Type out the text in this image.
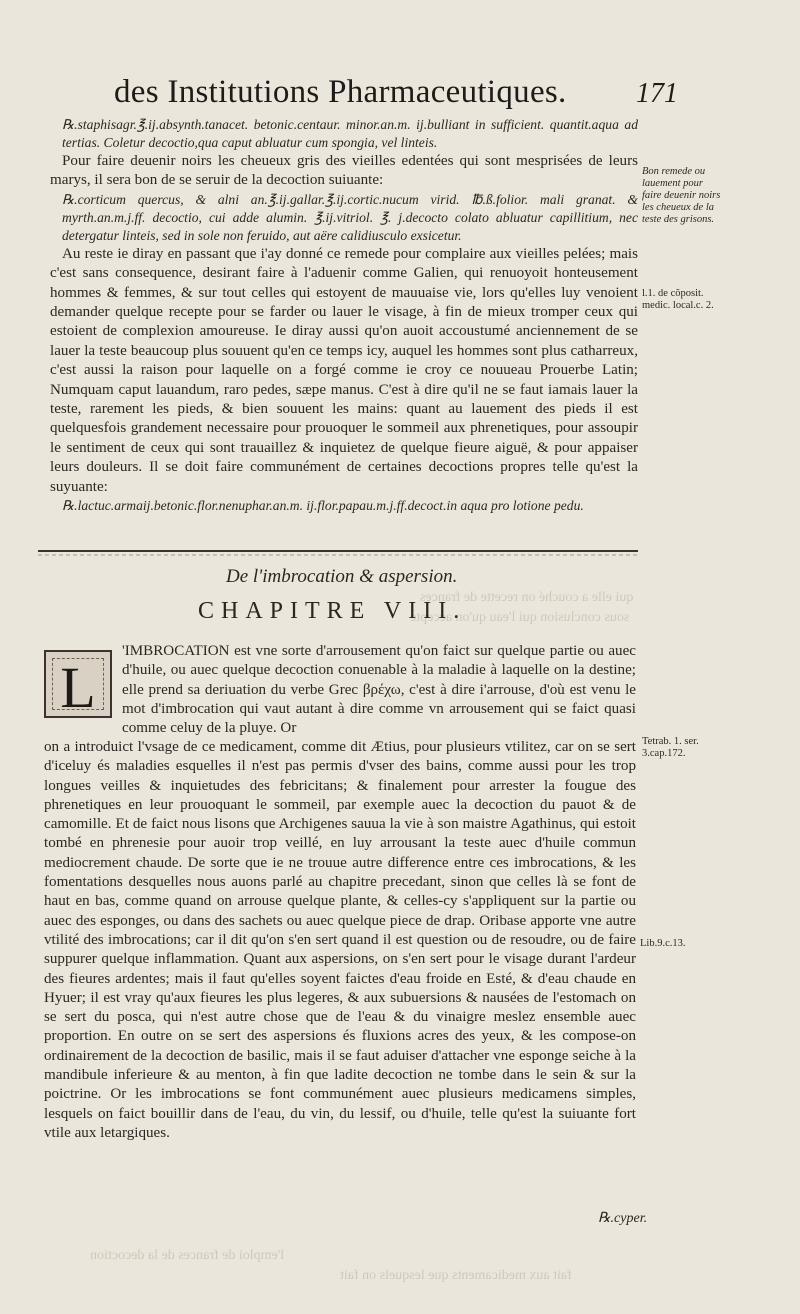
des Institutions Pharmaceutiques. 171
qui elle a couché on recette de frances
sous conclusion qui l'eau qu'on accepte
l'emploi de frances de la decoction
fait aux medicaments que lesquels on fait

℞.staphisagr.℥.ij.absynth.tanacet. betonic.centaur. minor.an.m. ij.bulliant in sufficient. quantit.aqua ad tertias. Coletur decoctio,qua caput abluatur cum spongia, vel linteis.

Pour faire deuenir noirs les cheueux gris des vieilles edentées qui sont mesprisées de leurs marys, il sera bon de se seruir de la decoction suiuante:

℞.corticum quercus, & alni an.℥.ij.gallar.℥.ij.cortic.nucum virid. ℔.ß.folior. mali granat. & myrth.an.m.j.ff. decoctio, cui adde alumin. ℥.ij.vitriol. ℥. j.decocto colato abluatur capillitium, nec detergatur linteis, sed in sole non feruido, aut aëre calidiusculo exsicetur.

Au reste ie diray en passant que i'ay donné ce remede pour complaire aux vieilles pelées; mais c'est sans consequence, desirant faire à l'aduenir comme Galien, qui renuoyoit honteusement hommes & femmes, & sur tout celles qui estoyent de mauuaise vie, lors qu'elles luy venoient demander quelque recepte pour se farder ou lauer le visage, à fin de mieux tromper ceux qui estoient de complexion amoureuse. Ie diray aussi qu'on auoit accoustumé anciennement de se lauer la teste beaucoup plus souuent qu'en ce temps icy, auquel les hommes sont plus catharreux, c'est aussi la raison pour laquelle on a forgé comme ie croy ce nouueau Prouerbe Latin; Numquam caput lauandum, raro pedes, sæpe manus. C'est à dire qu'il ne se faut iamais lauer la teste, rarement les pieds, & bien souuent les mains: quant au lauement des pieds il est quelquesfois grandement necessaire pour prouoquer le sommeil aux phrenetiques, pour assoupir le sentiment de ceux qui sont trauaillez & inquietez de quelque fieure aiguë, & pour appaiser leurs douleurs. Il se doit faire communément de certaines decoctions propres telle qu'est la suyuante:

℞.lactuc.armaij.betonic.flor.nenuphar.an.m. ij.flor.papau.m.j.ff.decoct.in aqua pro lotione pedu.

De l'imbrocation & aspersion.
CHAPITRE VIII.
L
'IMBROCATION est vne sorte d'arrousement qu'on faict sur quelque partie ou auec d'huile, ou auec quelque decoction conuenable à la maladie à laquelle on la destine; elle prend sa deriuation du verbe Grec βρέχω, c'est à dire i'arrouse, d'où est venu le mot d'imbrocation qui vaut autant à dire comme vn arrousement qui se faict quasi comme celuy de la pluye. Or
on a introduict l'vsage de ce medicament, comme dit Ætius, pour plusieurs vtilitez, car on se sert d'iceluy és maladies esquelles il n'est pas permis d'vser des bains, comme aussi pour les trop longues veilles & inquietudes des febricitans; & finalement pour arrester la fougue des phrenetiques en leur prouoquant le sommeil, par exemple auec la decoction du pauot & de camomille. Et de faict nous lisons que Archigenes sauua la vie à son maistre Agathinus, qui estoit tombé en phrenesie pour auoir trop veillé, en luy arrousant la teste auec d'huile commun mediocrement chaude. De sorte que ie ne trouue autre difference entre ces imbrocations, & les fomentations desquelles nous auons parlé au chapitre precedant, sinon que celles là se font de haut en bas, comme quand on arrouse quelque plante, & celles-cy s'appliquent sur la partie ou auec des esponges, ou dans des sachets ou auec quelque piece de drap. Oribase apporte vne autre vtilité des imbrocations; car il dit qu'on s'en sert quand il est question ou de resoudre, ou de faire suppurer quelque inflammation. Quant aux aspersions, on s'en sert pour le visage durant l'ardeur des fieures ardentes; mais il faut qu'elles soyent faictes d'eau froide en Esté, & d'eau chaude en Hyuer; il est vray qu'aux fieures les plus legeres, & aux subuersions & nausées de l'estomach on se sert du posca, qui n'est autre chose que de l'eau & du vinaigre meslez ensemble auec proportion. En outre on se sert des aspersions és fluxions acres des yeux, & les compose-on ordinairement de la decoction de basilic, mais il se faut aduiser d'attacher vne esponge seiche à la mandibule inferieure & au menton, à fin que ladite decoction ne tombe dans le sein & sur la poictrine. Or les imbrocations se font communément auec plusieurs medicamens simples, lesquels on faict bouillir dans de l'eau, du vin, du lessif, ou d'huile, telle qu'est la suiuante fort vtile aux letargiques.
Bon remede ou lauement pour faire deuenir noirs les cheueux de la teste des grisons.
l.1. de cõposit. medic. local.c. 2.
Tetrab. 1. ser. 3.cap.172.
Lib.9.c.13.
℞.cyper.
